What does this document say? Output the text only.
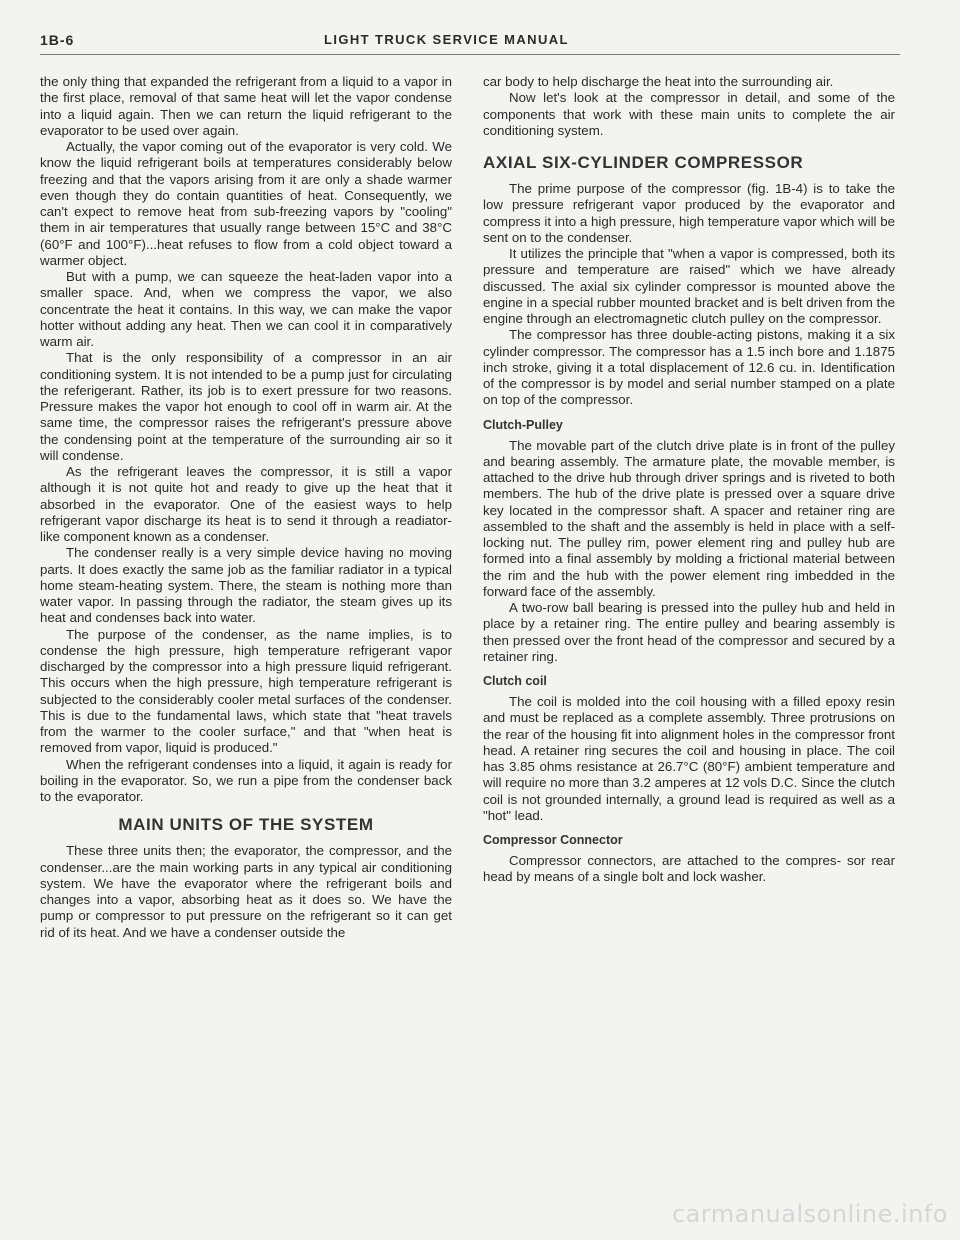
1B-6	LIGHT TRUCK SERVICE MANUAL

the only thing that expanded the refrigerant from a liquid to a vapor in the first place, removal of that same heat will let the vapor condense into a liquid again. Then we can return the liquid refrigerant to the evaporator to be used over again.

Actually, the vapor coming out of the evaporator is very cold. We know the liquid refrigerant boils at temperatures considerably below freezing and that the vapors arising from it are only a shade warmer even though they do contain quantities of heat. Consequently, we can't expect to remove heat from sub-freezing vapors by "cooling" them in air temperatures that usually range between 15°C and 38°C (60°F and 100°F)...heat refuses to flow from a cold object toward a warmer object.

But with a pump, we can squeeze the heat-laden vapor into a smaller space. And, when we compress the vapor, we also concentrate the heat it contains. In this way, we can make the vapor hotter without adding any heat. Then we can cool it in comparatively warm air.

That is the only responsibility of a compressor in an air conditioning system. It is not intended to be a pump just for circulating the referigerant. Rather, its job is to exert pressure for two reasons. Pressure makes the vapor hot enough to cool off in warm air. At the same time, the compressor raises the refrigerant's pressure above the condensing point at the temperature of the surrounding air so it will condense.

As the refrigerant leaves the compressor, it is still a vapor although it is not quite hot and ready to give up the heat that it absorbed in the evaporator. One of the easiest ways to help refrigerant vapor discharge its heat is to send it through a readiator-like component known as a condenser.

The condenser really is a very simple device having no moving parts. It does exactly the same job as the familiar radiator in a typical home steam-heating system. There, the steam is nothing more than water vapor. In passing through the radiator, the steam gives up its heat and condenses back into water.

The purpose of the condenser, as the name implies, is to condense the high pressure, high temperature refrigerant vapor discharged by the compressor into a high pressure liquid refrigerant. This occurs when the high pressure, high temperature refrigerant is subjected to the considerably cooler metal surfaces of the condenser. This is due to the fundamental laws, which state that "heat travels from the warmer to the cooler surface," and that "when heat is removed from vapor, liquid is produced."

When the refrigerant condenses into a liquid, it again is ready for boiling in the evaporator. So, we run a pipe from the condenser back to the evaporator.

MAIN UNITS OF THE SYSTEM

These three units then; the evaporator, the compressor, and the condenser...are the main working parts in any typical air conditioning system. We have the evaporator where the refrigerant boils and changes into a vapor, absorbing heat as it does so. We have the pump or compressor to put pressure on the refrigerant so it can get rid of its heat. And we have a condenser outside the

car body to help discharge the heat into the surrounding air.

Now let's look at the compressor in detail, and some of the components that work with these main units to complete the air conditioning system.

AXIAL SIX-CYLINDER COMPRESSOR

The prime purpose of the compressor (fig. 1B-4) is to take the low pressure refrigerant vapor produced by the evaporator and compress it into a high pressure, high temperature vapor which will be sent on to the condenser.

It utilizes the principle that "when a vapor is compressed, both its pressure and temperature are raised" which we have already discussed. The axial six cylinder compressor is mounted above the engine in a special rubber mounted bracket and is belt driven from the engine through an electromagnetic clutch pulley on the compressor.

The compressor has three double-acting pistons, making it a six cylinder compressor. The compressor has a 1.5 inch bore and 1.1875 inch stroke, giving it a total displacement of 12.6 cu. in. Identification of the compressor is by model and serial number stamped on a plate on top of the compressor.

Clutch-Pulley

The movable part of the clutch drive plate is in front of the pulley and bearing assembly. The armature plate, the movable member, is attached to the drive hub through driver springs and is riveted to both members. The hub of the drive plate is pressed over a square drive key located in the compressor shaft. A spacer and retainer ring are assembled to the shaft and the assembly is held in place with a self-locking nut. The pulley rim, power element ring and pulley hub are formed into a final assembly by molding a frictional material between the rim and the hub with the power element ring imbedded in the forward face of the assembly.

A two-row ball bearing is pressed into the pulley hub and held in place by a retainer ring. The entire pulley and bearing assembly is then pressed over the front head of the compressor and secured by a retainer ring.

Clutch coil

The coil is molded into the coil housing with a filled epoxy resin and must be replaced as a complete assembly. Three protrusions on the rear of the housing fit into alignment holes in the compressor front head. A retainer ring secures the coil and housing in place. The coil has 3.85 ohms resistance at 26.7°C (80°F) ambient temperature and will require no more than 3.2 amperes at 12 vols D.C. Since the clutch coil is not grounded internally, a ground lead is required as well as a "hot" lead.

Compressor Connector

Compressor connectors, are attached to the compres- sor rear head by means of a single bolt and lock washer.

carmanualsonline.info
